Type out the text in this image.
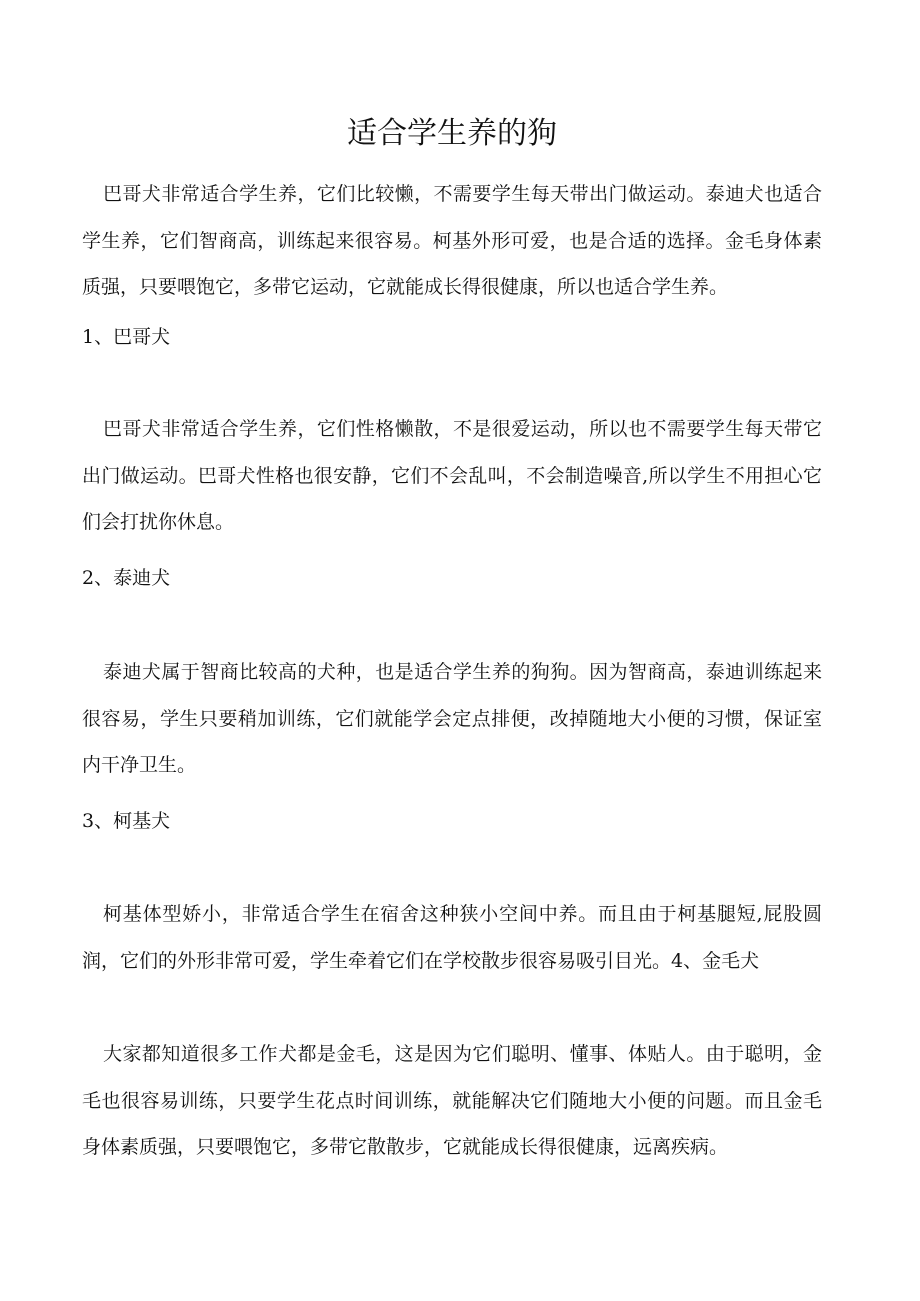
适合学生养的狗

巴哥犬非常适合学生养，它们比较懒，不需要学生每天带出门做运动。泰迪犬也适合学生养，它们智商高，训练起来很容易。柯基外形可爱，也是合适的选择。金毛身体素质强，只要喂饱它，多带它运动，它就能成长得很健康，所以也适合学生养。

1、巴哥犬

巴哥犬非常适合学生养，它们性格懒散，不是很爱运动，所以也不需要学生每天带它出门做运动。巴哥犬性格也很安静，它们不会乱叫，不会制造噪音,所以学生不用担心它们会打扰你休息。

2、泰迪犬

泰迪犬属于智商比较高的犬种，也是适合学生养的狗狗。因为智商高，泰迪训练起来很容易，学生只要稍加训练，它们就能学会定点排便，改掉随地大小便的习惯，保证室内干净卫生。

3、柯基犬

柯基体型娇小，非常适合学生在宿舍这种狭小空间中养。而且由于柯基腿短,屁股圆润，它们的外形非常可爱，学生牵着它们在学校散步很容易吸引目光。4、金毛犬

大家都知道很多工作犬都是金毛，这是因为它们聪明、懂事、体贴人。由于聪明，金毛也很容易训练，只要学生花点时间训练，就能解决它们随地大小便的问题。而且金毛身体素质强，只要喂饱它，多带它散散步，它就能成长得很健康，远离疾病。
